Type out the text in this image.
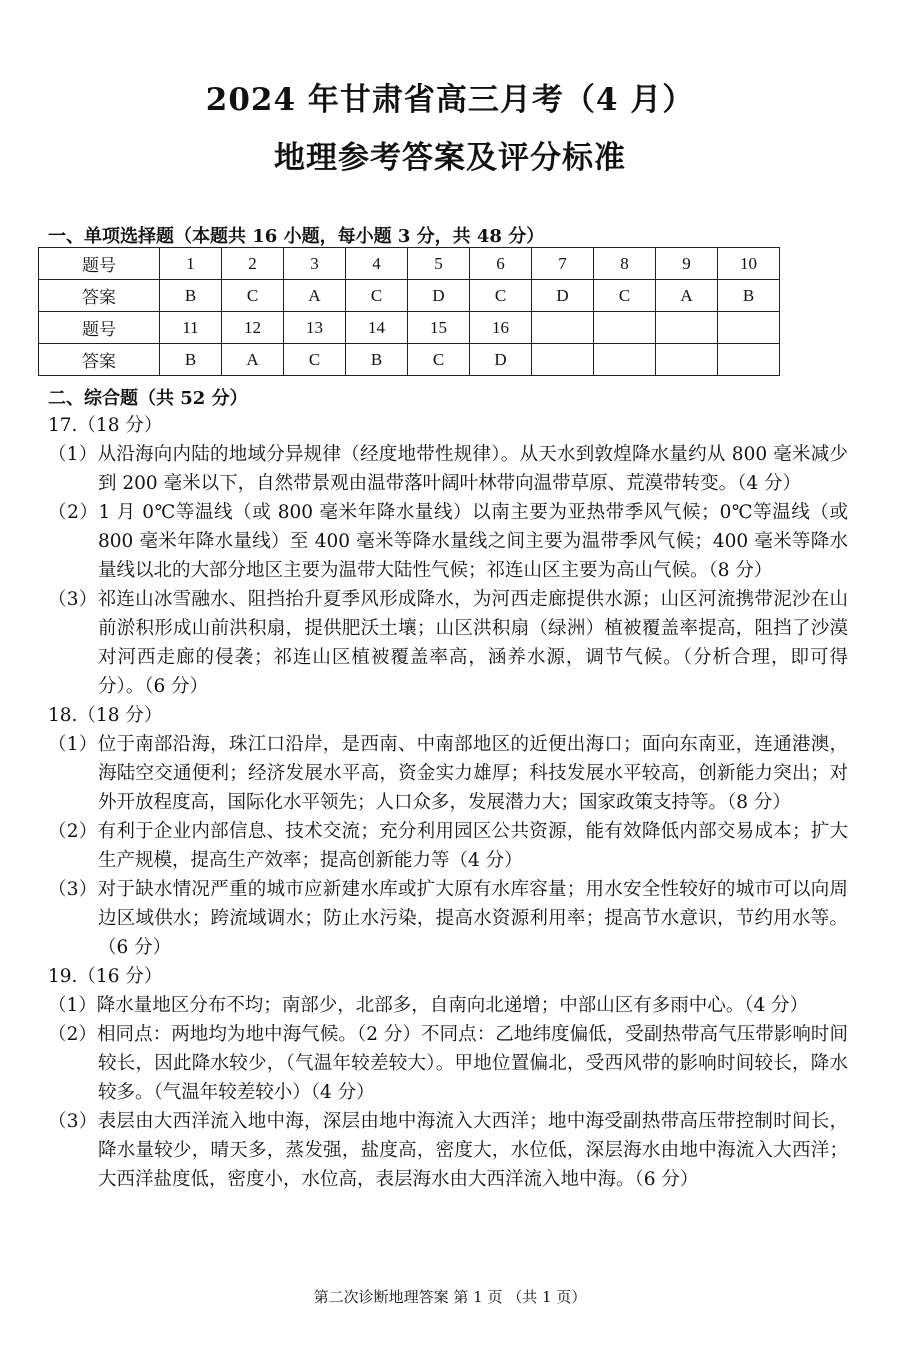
2024 年甘肃省高三月考（4 月）
地理参考答案及评分标准
一、单项选择题（本题共 16 小题，每小题 3 分，共 48 分）
题号	1	2	3	4	5	6	7	8	9	10
答案	B	C	A	C	D	C	D	C	A	B
题号	11	12	13	14	15	16				
答案	B	A	C	B	C	D				
二、综合题（共 52 分）
17.（18 分）
（1）从沿海向内陆的地域分异规律（经度地带性规律）。从天水到敦煌降水量约从 800 毫米减少到 200 毫米以下，自然带景观由温带落叶阔叶林带向温带草原、荒漠带转变。（4 分）
（2）1 月 0℃等温线（或 800 毫米年降水量线）以南主要为亚热带季风气候；0℃等温线（或 800 毫米年降水量线）至 400 毫米等降水量线之间主要为温带季风气候；400 毫米等降水量线以北的大部分地区主要为温带大陆性气候；祁连山区主要为高山气候。（8 分）
（3）祁连山冰雪融水、阻挡抬升夏季风形成降水，为河西走廊提供水源；山区河流携带泥沙在山前淤积形成山前洪积扇，提供肥沃土壤；山区洪积扇（绿洲）植被覆盖率提高，阻挡了沙漠对河西走廊的侵袭；祁连山区植被覆盖率高，涵养水源，调节气候。（分析合理，即可得分）。（6 分）
18.（18 分）
（1）位于南部沿海，珠江口沿岸，是西南、中南部地区的近便出海口；面向东南亚，连通港澳，海陆空交通便利；经济发展水平高，资金实力雄厚；科技发展水平较高，创新能力突出；对外开放程度高，国际化水平领先；人口众多，发展潜力大；国家政策支持等。（8 分）
（2）有利于企业内部信息、技术交流；充分利用园区公共资源，能有效降低内部交易成本；扩大生产规模，提高生产效率；提高创新能力等（4 分）
（3）对于缺水情况严重的城市应新建水库或扩大原有水库容量；用水安全性较好的城市可以向周边区域供水；跨流域调水；防止水污染，提高水资源利用率；提高节水意识，节约用水等。（6 分）
19.（16 分）
（1）降水量地区分布不均；南部少，北部多，自南向北递增；中部山区有多雨中心。（4 分）
（2）相同点：两地均为地中海气候。（2 分）不同点：乙地纬度偏低，受副热带高气压带影响时间较长，因此降水较少，（气温年较差较大）。甲地位置偏北，受西风带的影响时间较长，降水较多。（气温年较差较小）（4 分）
（3）表层由大西洋流入地中海，深层由地中海流入大西洋；地中海受副热带高压带控制时间长，降水量较少，晴天多，蒸发强，盐度高，密度大，水位低，深层海水由地中海流入大西洋；大西洋盐度低，密度小，水位高，表层海水由大西洋流入地中海。（6 分）
第二次诊断地理答案 第 1 页 （共 1 页）
